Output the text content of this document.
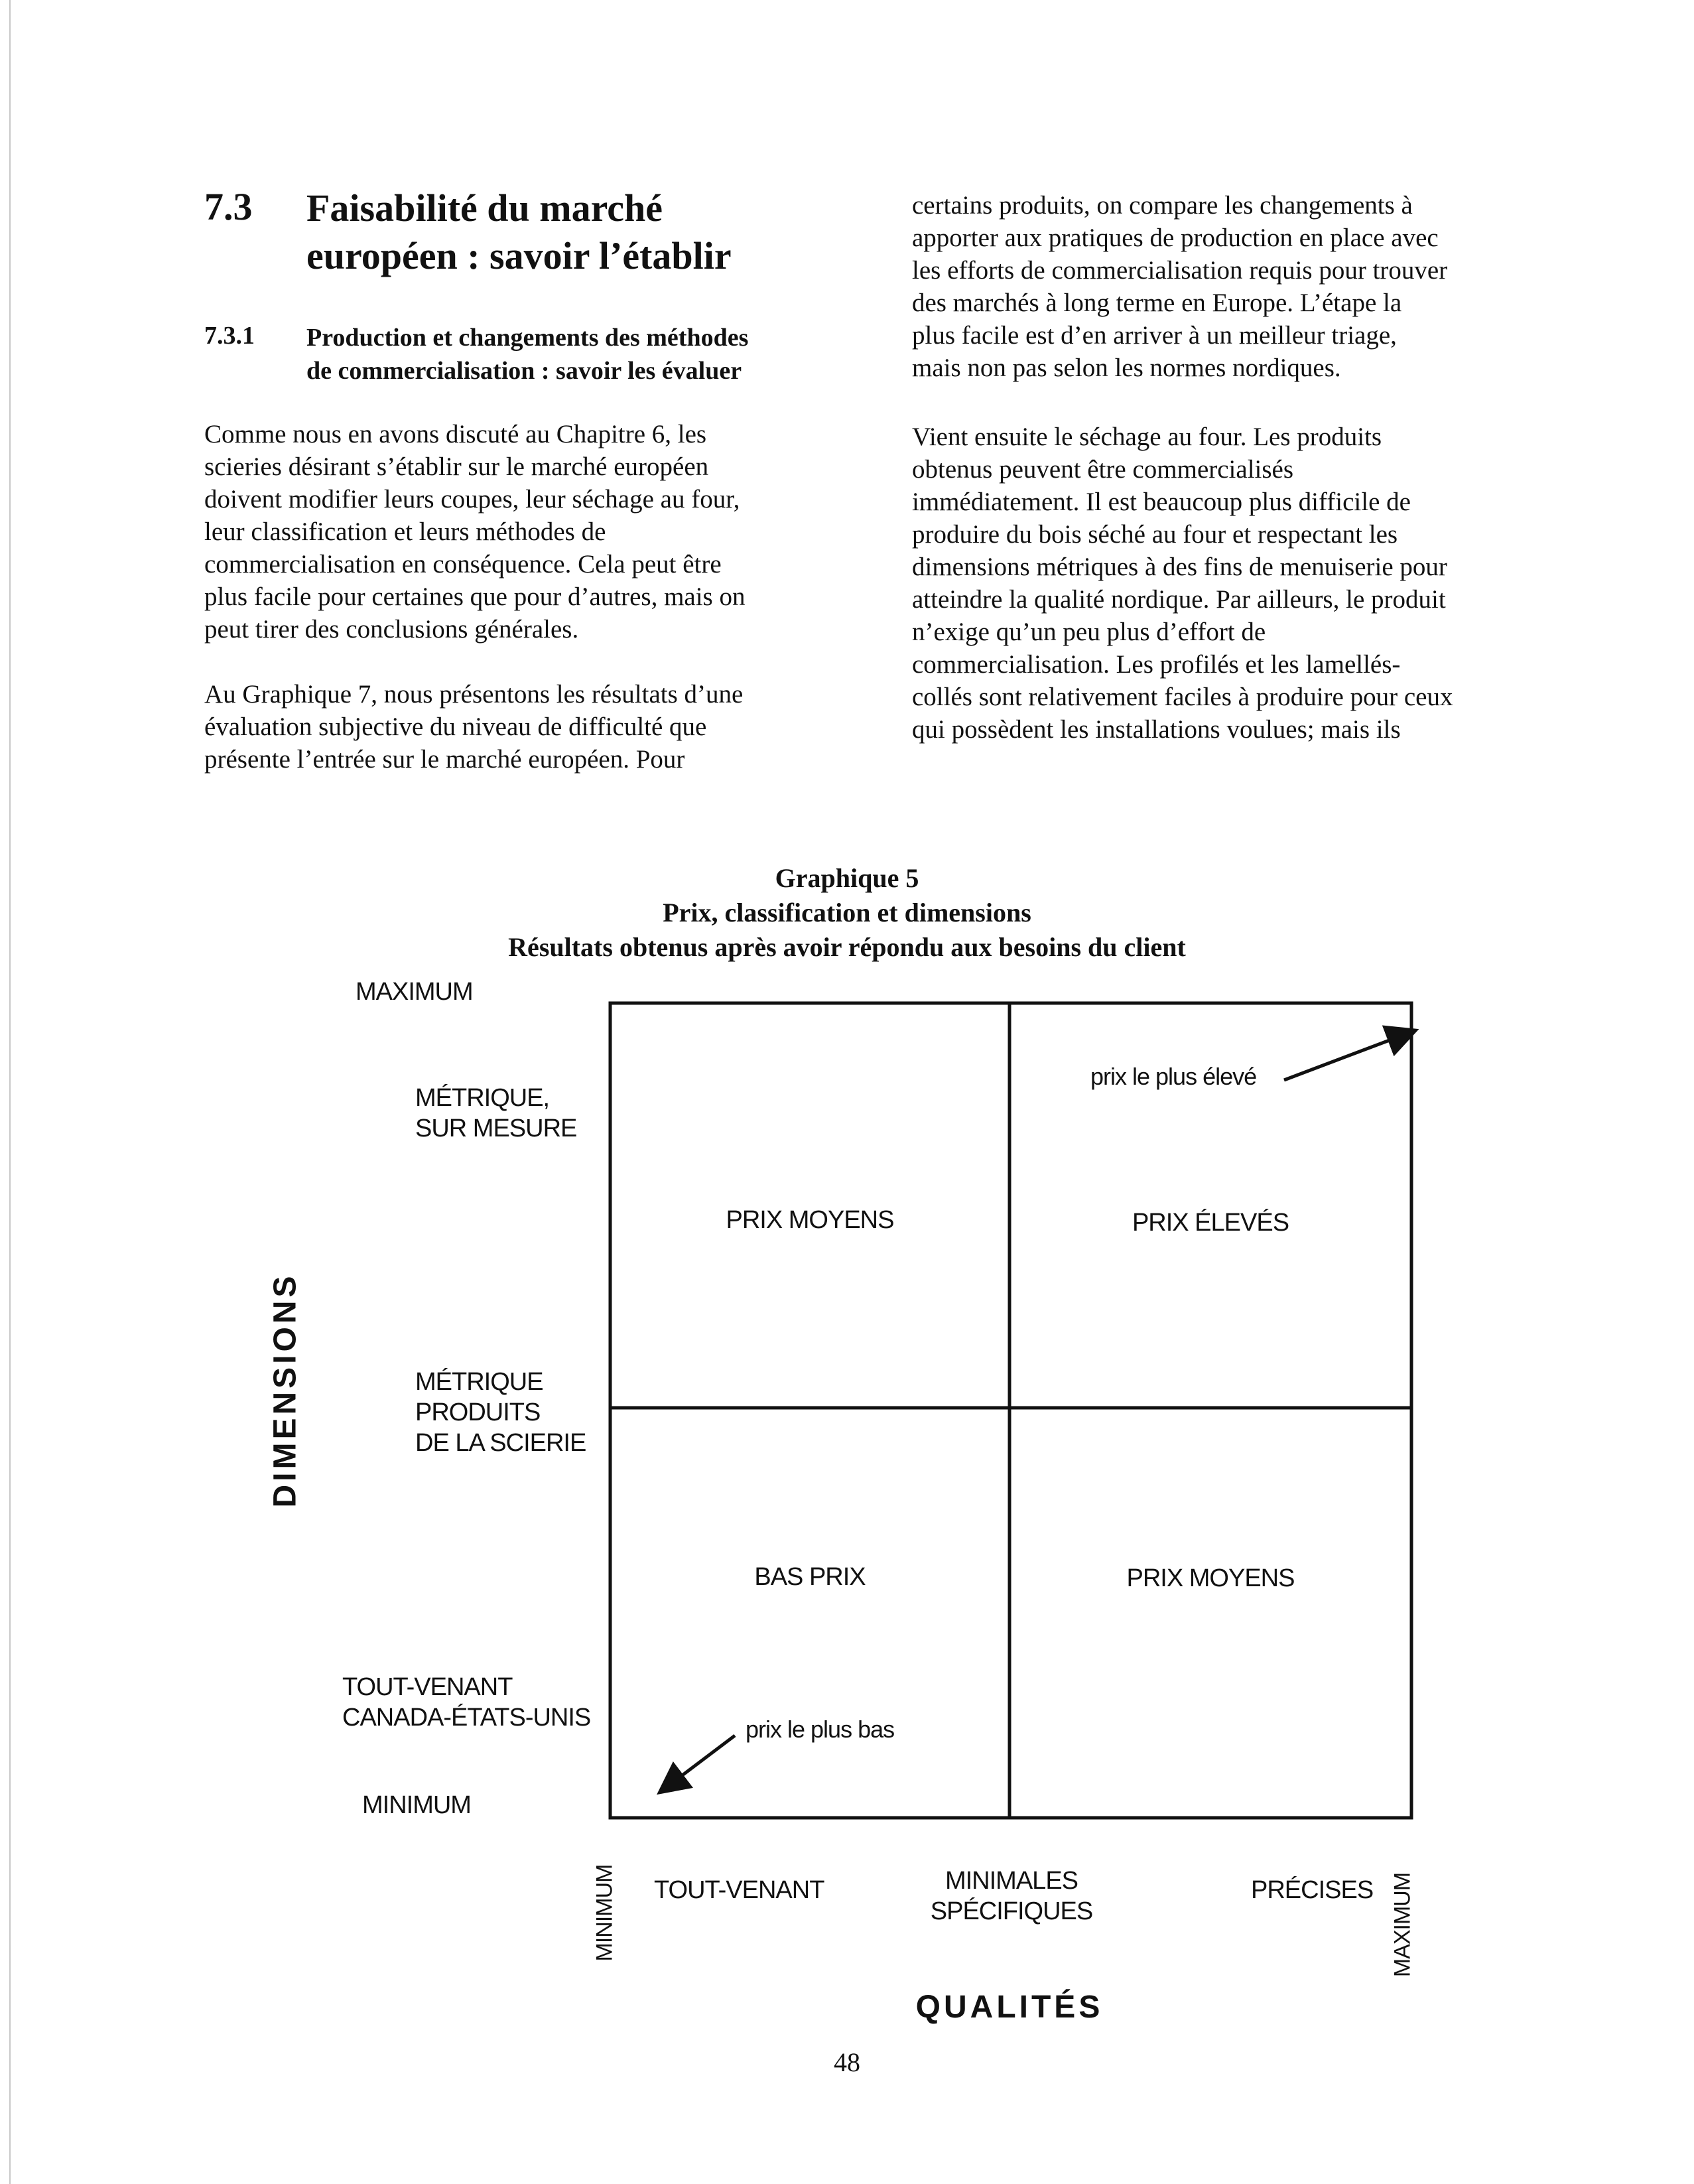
7.3 Faisabilité du marché
européen : savoir l’établir
7.3.1 Production et changements des méthodes
de commercialisation : savoir les évaluer

Comme nous en avons discuté au Chapitre 6, les
scieries désirant s’établir sur le marché européen
doivent modifier leurs coupes, leur séchage au four,
leur classification et leurs méthodes de
commercialisation en conséquence. Cela peut être
plus facile pour certaines que pour d’autres, mais on
peut tirer des conclusions générales.

Au Graphique 7, nous présentons les résultats d’une
évaluation subjective du niveau de difficulté que
présente l’entrée sur le marché européen. Pour

certains produits, on compare les changements à
apporter aux pratiques de production en place avec
les efforts de commercialisation requis pour trouver
des marchés à long terme en Europe. L’étape la
plus facile est d’en arriver à un meilleur triage,
mais non pas selon les normes nordiques.

Vient ensuite le séchage au four. Les produits
obtenus peuvent être commercialisés
immédiatement. Il est beaucoup plus difficile de
produire du bois séché au four et respectant les
dimensions métriques à des fins de menuiserie pour
atteindre la qualité nordique. Par ailleurs, le produit
n’exige qu’un peu plus d’effort de
commercialisation. Les profilés et les lamellés-
collés sont relativement faciles à produire pour ceux
qui possèdent les installations voulues; mais ils

Graphique 5
Prix, classification et dimensions
Résultats obtenus après avoir répondu aux besoins du client
MAXIMUM
MÉTRIQUE,
SUR MESURE
MÉTRIQUE
PRODUITS
DE LA SCIERIE
TOUT-VENANT
CANADA-ÉTATS-UNIS
MINIMUM
DIMENSIONS
PRIX MOYENS	PRIX ÉLEVÉS
BAS PRIX	PRIX MOYENS
prix le plus élevé
prix le plus bas
MINIMUM TOUT-VENANT	MINIMALES
SPÉCIFIQUES
PRÉCISES MAXIMUM
QUALITÉS
48
